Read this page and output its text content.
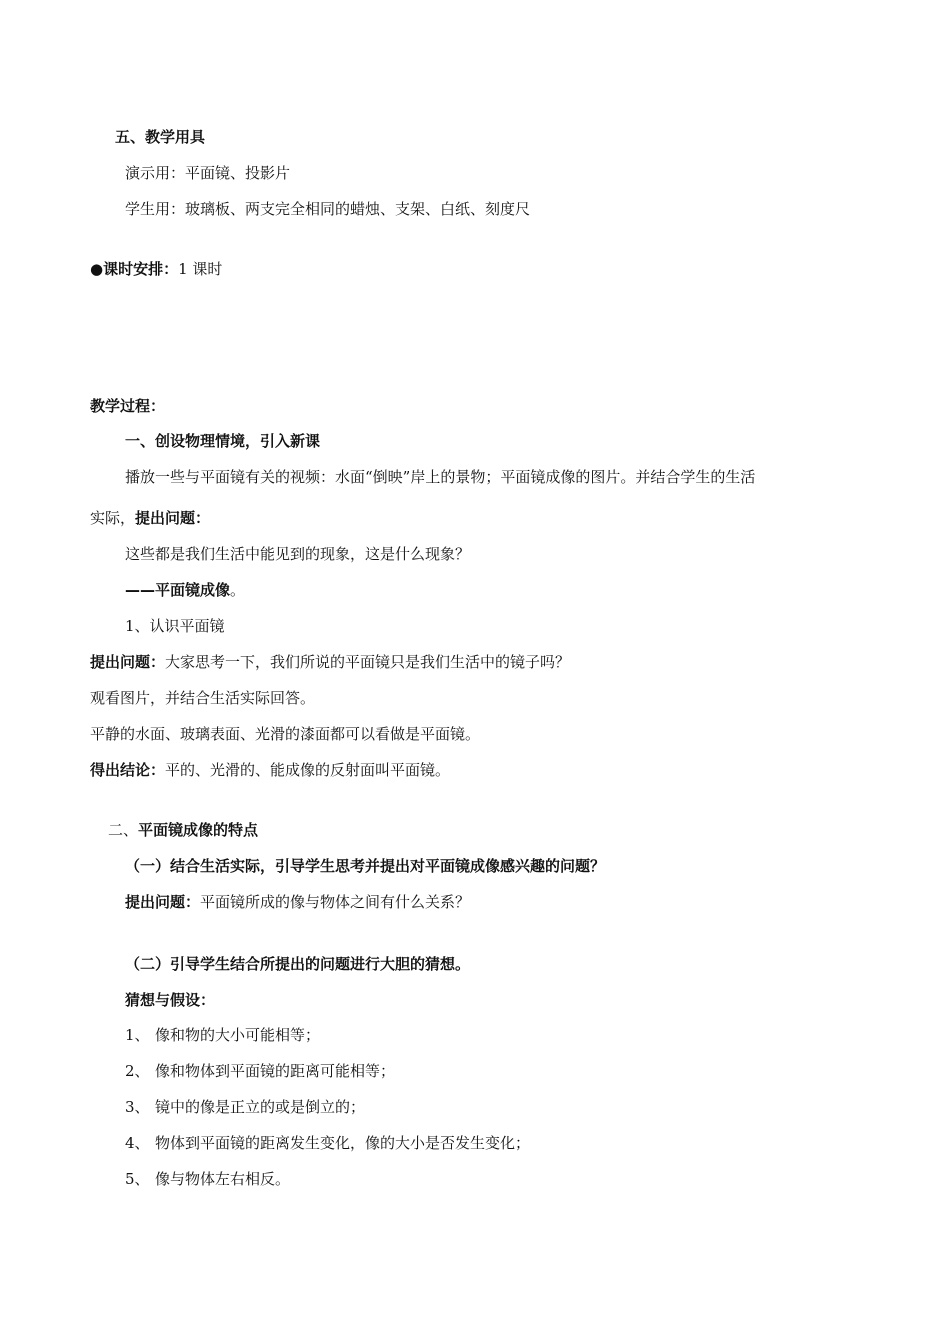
五、教学用具
演示用：平面镜、投影片
学生用：玻璃板、两支完全相同的蜡烛、支架、白纸、刻度尺
●课时安排：1 课时
教学过程：
一、创设物理情境，引入新课
播放一些与平面镜有关的视频：水面“倒映”岸上的景物；平面镜成像的图片。并结合学生的生活
实际，提出问题：
这些都是我们生活中能见到的现象，这是什么现象？
——平面镜成像。
1、认识平面镜
提出问题：大家思考一下，我们所说的平面镜只是我们生活中的镜子吗？
观看图片，并结合生活实际回答。
平静的水面、玻璃表面、光滑的漆面都可以看做是平面镜。
得出结论：平的、光滑的、能成像的反射面叫平面镜。
二、平面镜成像的特点
（一）结合生活实际，引导学生思考并提出对平面镜成像感兴趣的问题？
提出问题：平面镜所成的像与物体之间有什么关系？
（二）引导学生结合所提出的问题进行大胆的猜想。
猜想与假设：
1、 像和物的大小可能相等；
2、 像和物体到平面镜的距离可能相等；
3、 镜中的像是正立的或是倒立的；
4、 物体到平面镜的距离发生变化，像的大小是否发生变化；
5、 像与物体左右相反。
